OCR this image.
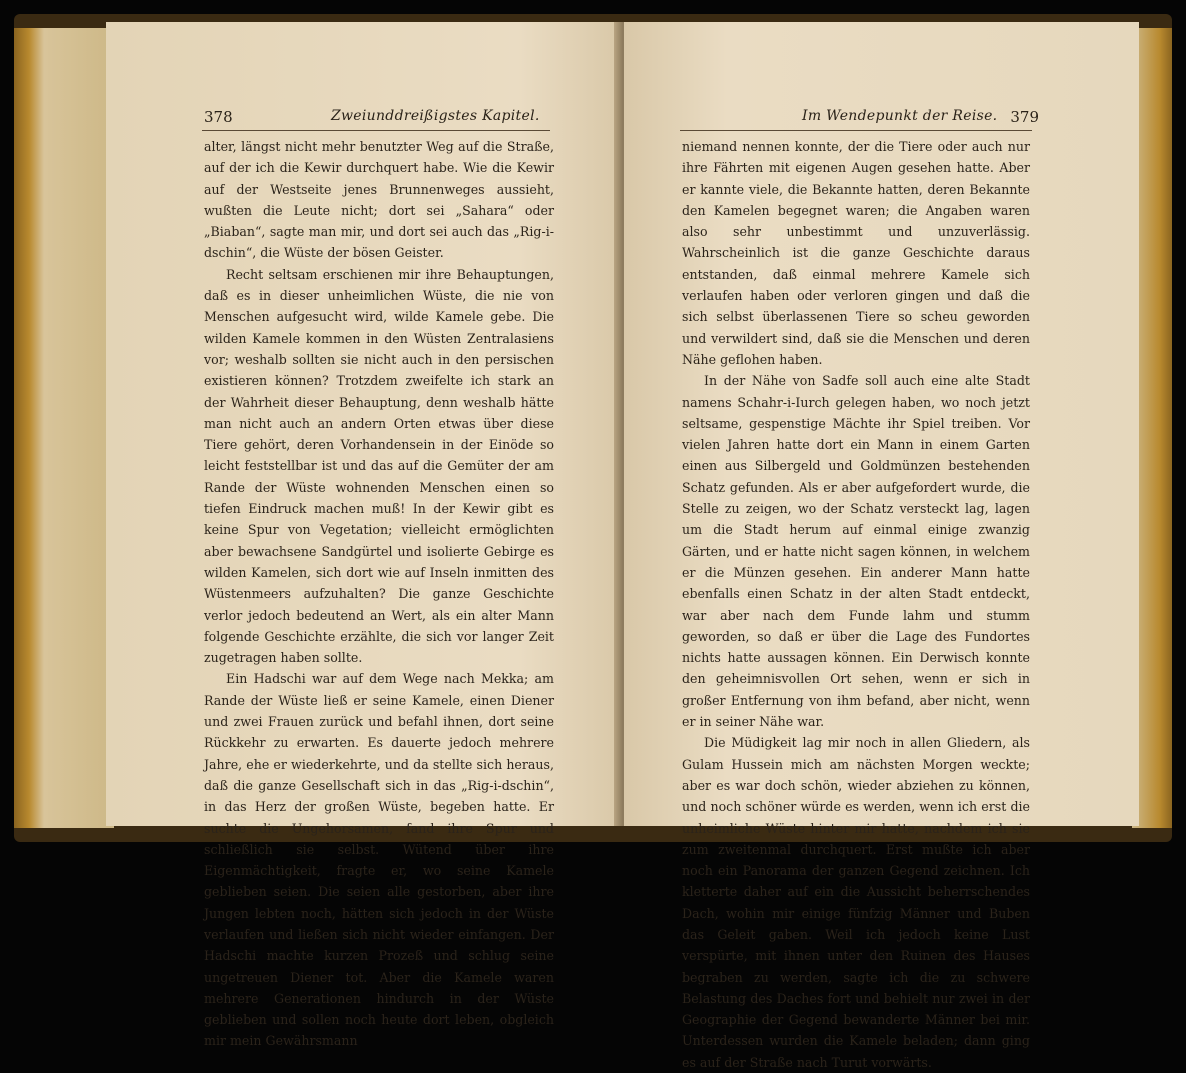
378	Zweiunddreißigstes Kapitel.

alter, längst nicht mehr benutzter Weg auf die Straße, auf der ich die Kewir durchquert habe. Wie die Kewir auf der Westseite jenes Brunnenweges aussieht, wußten die Leute nicht; dort sei „Sahara“ oder „Biaban“, sagte man mir, und dort sei auch das „Rig-i-dschin“, die Wüste der bösen Geister.

Recht seltsam erschienen mir ihre Behauptungen, daß es in dieser unheimlichen Wüste, die nie von Menschen aufgesucht wird, wilde Kamele gebe. Die wilden Kamele kommen in den Wüsten Zentralasiens vor; weshalb sollten sie nicht auch in den persischen existieren können? Trotzdem zweifelte ich stark an der Wahrheit dieser Behauptung, denn weshalb hätte man nicht auch an andern Orten etwas über diese Tiere gehört, deren Vorhandensein in der Einöde so leicht feststellbar ist und das auf die Gemüter der am Rande der Wüste wohnenden Menschen einen so tiefen Eindruck machen muß! In der Kewir gibt es keine Spur von Vegetation; vielleicht ermöglichten aber bewachsene Sandgürtel und isolierte Gebirge es wilden Kamelen, sich dort wie auf Inseln inmitten des Wüstenmeers aufzuhalten? Die ganze Geschichte verlor jedoch bedeutend an Wert, als ein alter Mann folgende Geschichte erzählte, die sich vor langer Zeit zugetragen haben sollte.

Ein Hadschi war auf dem Wege nach Mekka; am Rande der Wüste ließ er seine Kamele, einen Diener und zwei Frauen zurück und befahl ihnen, dort seine Rückkehr zu erwarten. Es dauerte jedoch mehrere Jahre, ehe er wiederkehrte, und da stellte sich heraus, daß die ganze Gesellschaft sich in das „Rig-i-dschin“, in das Herz der großen Wüste, begeben hatte. Er suchte die Ungehorsamen, fand ihre Spur und schließlich sie selbst. Wütend über ihre Eigenmächtigkeit, fragte er, wo seine Kamele geblieben seien. Die seien alle gestorben, aber ihre Jungen lebten noch, hätten sich jedoch in der Wüste verlaufen und ließen sich nicht wieder einfangen. Der Hadschi machte kurzen Prozeß und schlug seine ungetreuen Diener tot. Aber die Kamele waren mehrere Generationen hindurch in der Wüste geblieben und sollen noch heute dort leben, obgleich mir mein Gewährsmann

Im Wendepunkt der Reise. 379

niemand nennen konnte, der die Tiere oder auch nur ihre Fährten mit eigenen Augen gesehen hatte. Aber er kannte viele, die Bekannte hatten, deren Bekannte den Kamelen begegnet waren; die Angaben waren also sehr unbestimmt und unzuverlässig. Wahrscheinlich ist die ganze Geschichte daraus entstanden, daß einmal mehrere Kamele sich verlaufen haben oder verloren gingen und daß die sich selbst überlassenen Tiere so scheu geworden und verwildert sind, daß sie die Menschen und deren Nähe geflohen haben.

In der Nähe von Sadfe soll auch eine alte Stadt namens Schahr-i-Iurch gelegen haben, wo noch jetzt seltsame, gespenstige Mächte ihr Spiel treiben. Vor vielen Jahren hatte dort ein Mann in einem Garten einen aus Silbergeld und Goldmünzen bestehenden Schatz gefunden. Als er aber aufgefordert wurde, die Stelle zu zeigen, wo der Schatz versteckt lag, lagen um die Stadt herum auf einmal einige zwanzig Gärten, und er hatte nicht sagen können, in welchem er die Münzen gesehen. Ein anderer Mann hatte ebenfalls einen Schatz in der alten Stadt entdeckt, war aber nach dem Funde lahm und stumm geworden, so daß er über die Lage des Fundortes nichts hatte aussagen können. Ein Derwisch konnte den geheimnisvollen Ort sehen, wenn er sich in großer Entfernung von ihm befand, aber nicht, wenn er in seiner Nähe war.

Die Müdigkeit lag mir noch in allen Gliedern, als Gulam Hussein mich am nächsten Morgen weckte; aber es war doch schön, wieder abziehen zu können, und noch schöner würde es werden, wenn ich erst die unheimliche Wüste hinter mir hatte, nachdem ich sie zum zweitenmal durchquert. Erst mußte ich aber noch ein Panorama der ganzen Gegend zeichnen. Ich kletterte daher auf ein die Aussicht beherrschendes Dach, wohin mir einige fünfzig Männer und Buben das Geleit gaben. Weil ich jedoch keine Lust verspürte, mit ihnen unter den Ruinen des Hauses begraben zu werden, sagte ich die zu schwere Belastung des Daches fort und behielt nur zwei in der Geographie der Gegend bewanderte Männer bei mir. Unterdessen wurden die Kamele beladen; dann ging es auf der Straße nach Turut vorwärts.
